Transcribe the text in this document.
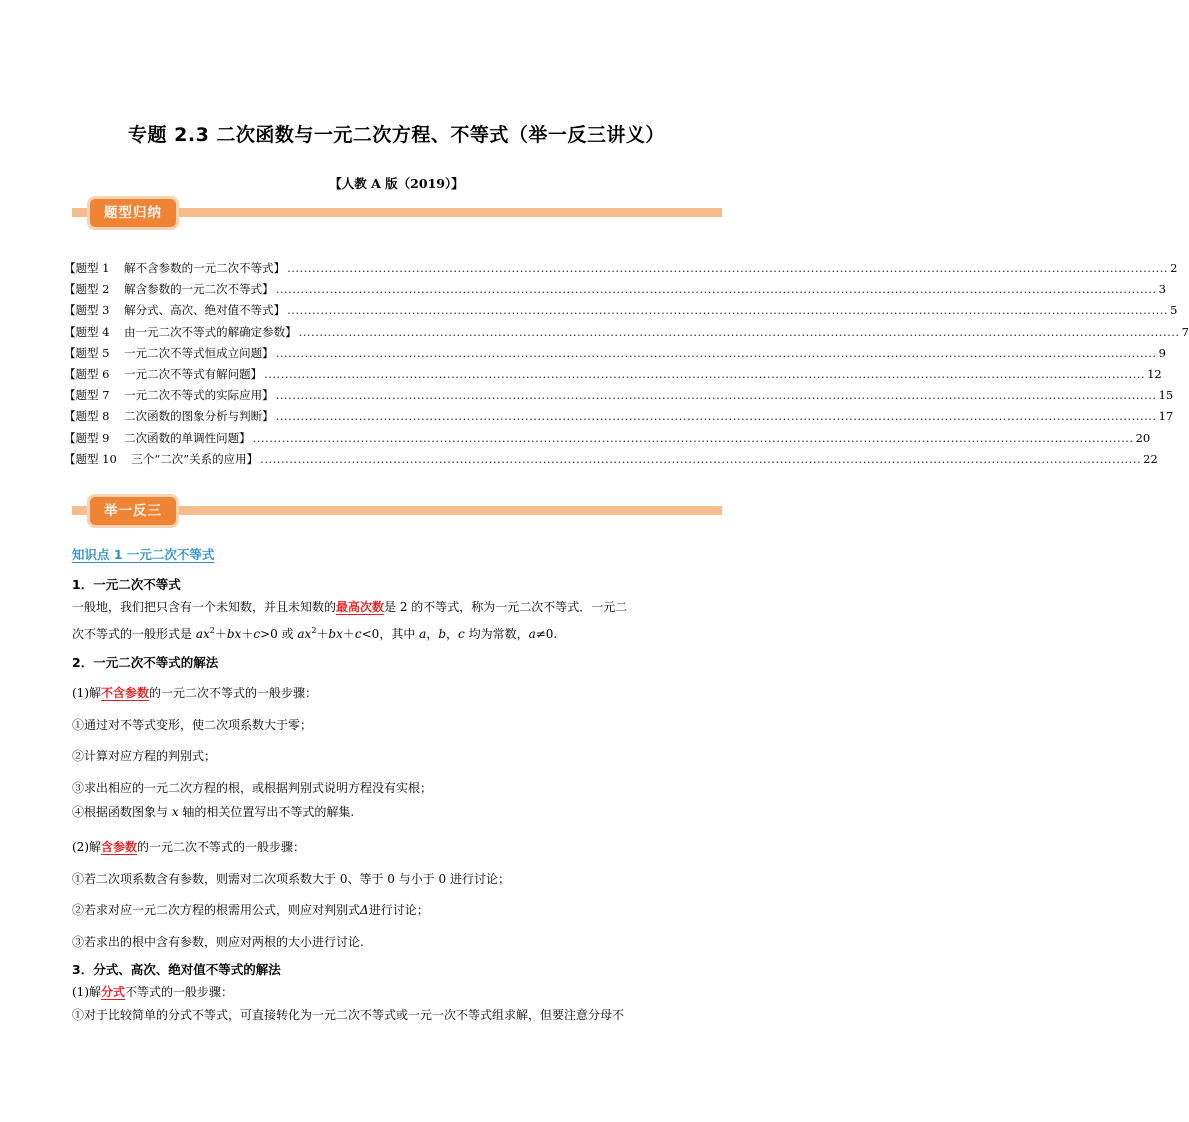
专题 2.3 二次函数与一元二次方程、不等式（举一反三讲义）
【人教 A 版（2019）】
题型归纳
【题型 1    解不含参数的一元二次不等式】 .................................................................................................................................................................................................................... 2
【题型 2    解含参数的一元二次不等式】 .................................................................................................................................................................................................................... 3
【题型 3    解分式、高次、绝对值不等式】 .................................................................................................................................................................................................................... 5
【题型 4    由一元二次不等式的解确定参数】 .................................................................................................................................................................................................................... 7
【题型 5    一元二次不等式恒成立问题】 .................................................................................................................................................................................................................... 9
【题型 6    一元二次不等式有解问题】 .................................................................................................................................................................................................................... 12
【题型 7    一元二次不等式的实际应用】 .................................................................................................................................................................................................................... 15
【题型 8    二次函数的图象分析与判断】 .................................................................................................................................................................................................................... 17
【题型 9    二次函数的单调性问题】 .................................................................................................................................................................................................................... 20
【题型 10    三个“二次”关系的应用】 .................................................................................................................................................................................................................... 22
举一反三
知识点 1 一元二次不等式
1．一元二次不等式
一般地，我们把只含有一个未知数，并且未知数的最高次数是 2 的不等式，称为一元二次不等式．一元二
次不等式的一般形式是 $ax^2+bx+c>0$ 或 $ax^2+bx+c<0$，其中 a，b，c 均为常数，a≠0.
2．一元二次不等式的解法
(1)解不含参数的一元二次不等式的一般步骤：
①通过对不等式变形，使二次项系数大于零；
②计算对应方程的判别式；
③求出相应的一元二次方程的根，或根据判别式说明方程没有实根；
④根据函数图象与 x 轴的相关位置写出不等式的解集.
(2)解含参数的一元二次不等式的一般步骤：
①若二次项系数含有参数，则需对二次项系数大于 0、等于 0 与小于 0 进行讨论；
②若求对应一元二次方程的根需用公式，则应对判别式Δ进行讨论；
③若求出的根中含有参数，则应对两根的大小进行讨论.
3．分式、高次、绝对值不等式的解法
(1)解分式不等式的一般步骤：
①对于比较简单的分式不等式，可直接转化为一元二次不等式或一元一次不等式组求解，但要注意分母不
